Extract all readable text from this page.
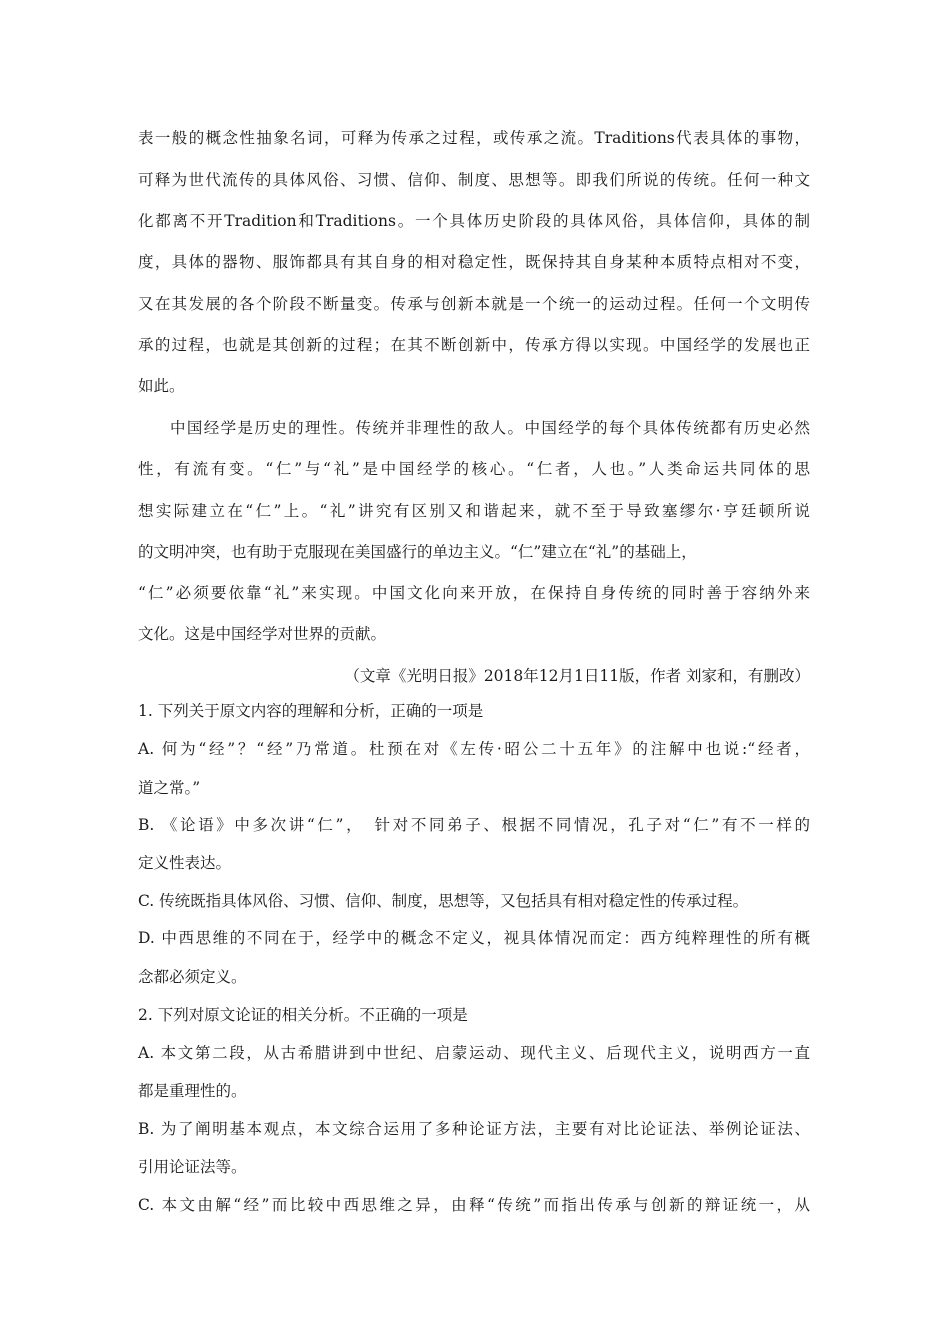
表一般的概念性抽象名词，可释为传承之过程，或传承之流。Traditions代表具体的事物，
可释为世代流传的具体风俗、习惯、信仰、制度、思想等。即我们所说的传统。任何一种文
化都离不开Tradition和Traditions。一个具体历史阶段的具体风俗，具体信仰，具体的制
度，具体的器物、服饰都具有其自身的相对稳定性，既保持其自身某种本质特点相对不变，
又在其发展的各个阶段不断量变。传承与创新本就是一个统一的运动过程。任何一个文明传
承的过程，也就是其创新的过程；在其不断创新中，传承方得以实现。中国经学的发展也正
如此。
中国经学是历史的理性。传统并非理性的敌人。中国经学的每个具体传统都有历史必然
性，有流有变。“仁”与“礼”是中国经学的核心。“仁者，人也。”人类命运共同体的思
想实际建立在“仁”上。“礼”讲究有区别又和谐起来，就不至于导致塞缪尔·亨廷顿所说
的文明冲突，也有助于克服现在美国盛行的单边主义。“仁”建立在“礼”的基础上，
“仁”必须要依靠“礼”来实现。中国文化向来开放，在保持自身传统的同时善于容纳外来
文化。这是中国经学对世界的贡献。
（文章《光明日报》2018年12月1日11版，作者 刘家和，有删改）
1. 下列关于原文内容的理解和分析，正确的一项是
A. 何为“经”？“经”乃常道。杜预在对《左传·昭公二十五年》的注解中也说:“经者，
道之常。”
B. 《论语》中多次讲“仁”，　针对不同弟子、根据不同情况，孔子对“仁”有不一样的
定义性表达。
C. 传统既指具体风俗、习惯、信仰、制度，思想等，又包括具有相对稳定性的传承过程。
D. 中西思维的不同在于，经学中的概念不定义，视具体情况而定：西方纯粹理性的所有概
念都必须定义。
2. 下列对原文论证的相关分析。不正确的一项是
A. 本文第二段，从古希腊讲到中世纪、启蒙运动、现代主义、后现代主义，说明西方一直
都是重理性的。
B. 为了阐明基本观点，本文综合运用了多种论证方法，主要有对比论证法、举例论证法、
引用论证法等。
C. 本文由解“经”而比较中西思维之异，由释“传统”而指出传承与创新的辩证统一，从
